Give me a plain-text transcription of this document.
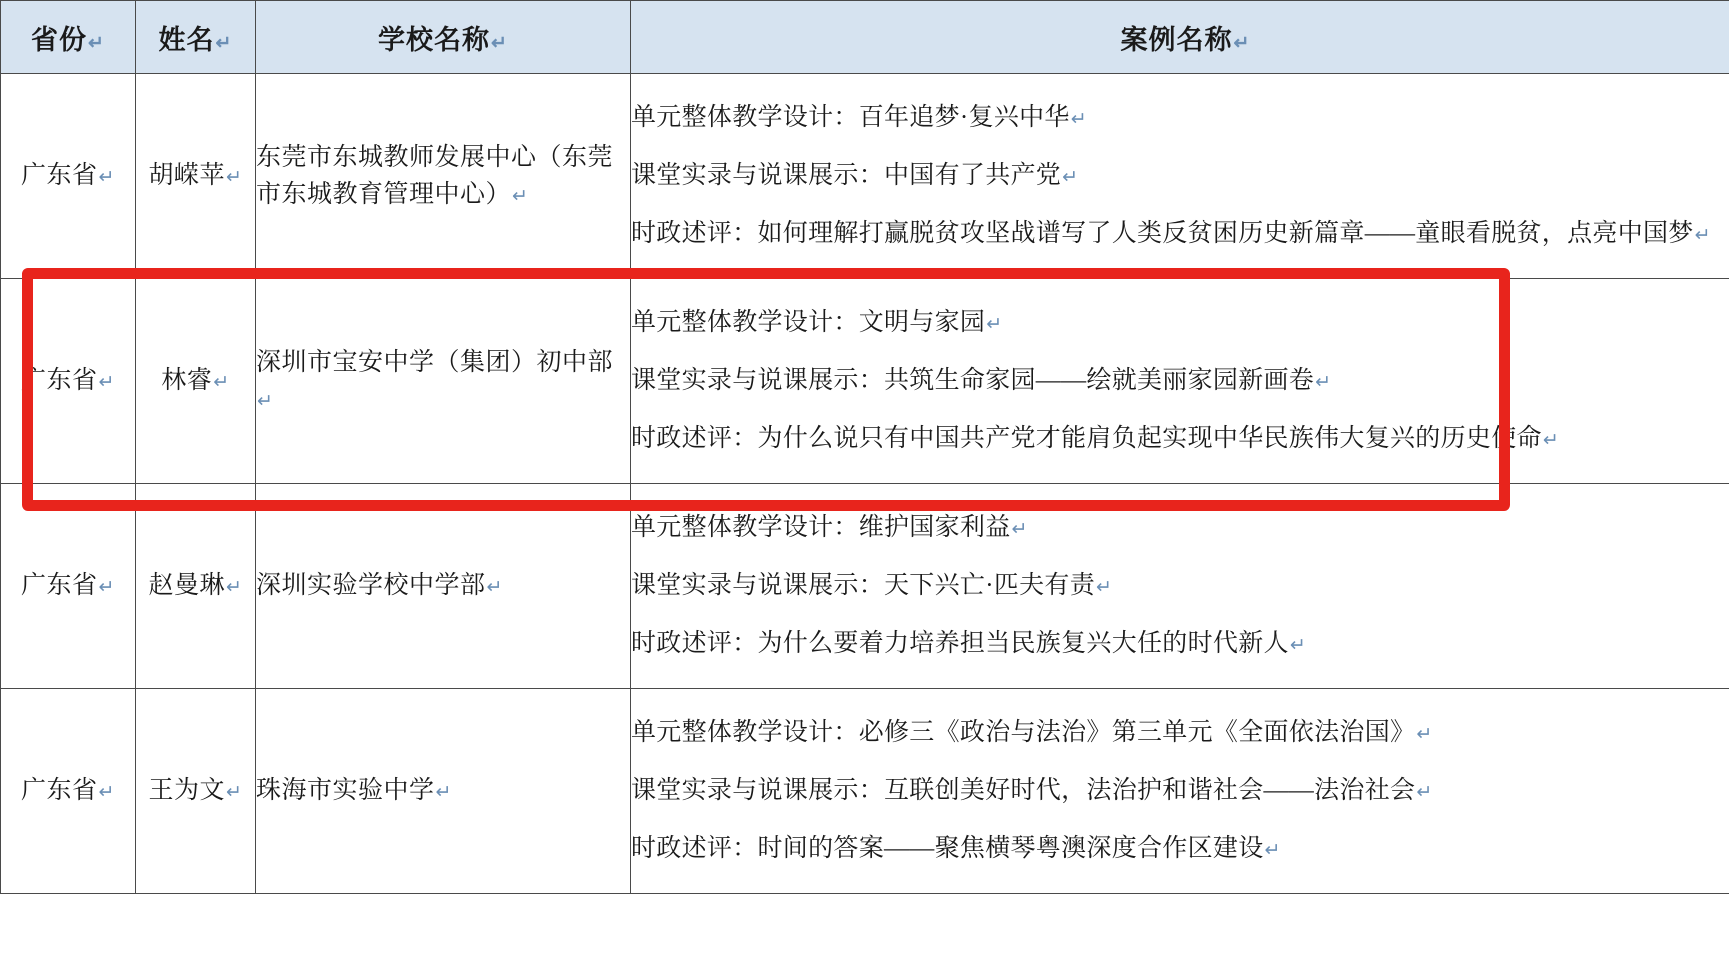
省份↵	姓名↵	学校名称↵	案例名称↵
广东省↵	胡嵘苹↵	东莞市东城教师发展中心（东莞市东城教育管理中心）↵	单元整体教学设计：百年追梦·复兴中华↵
课堂实录与说课展示：中国有了共产党↵
时政述评：如何理解打赢脱贫攻坚战谱写了人类反贫困历史新篇章——童眼看脱贫，点亮中国梦↵

广东省↵	林睿↵	深圳市宝安中学（集团）初中部↵	单元整体教学设计：文明与家园↵
课堂实录与说课展示：共筑生命家园——绘就美丽家园新画卷↵
时政述评：为什么说只有中国共产党才能肩负起实现中华民族伟大复兴的历史使命↵

广东省↵	赵曼琳↵	深圳实验学校中学部↵	单元整体教学设计：维护国家利益↵
课堂实录与说课展示：天下兴亡·匹夫有责↵
时政述评：为什么要着力培养担当民族复兴大任的时代新人↵

广东省↵	王为文↵	珠海市实验中学↵	单元整体教学设计：必修三《政治与法治》第三单元《全面依法治国》↵
课堂实录与说课展示：互联创美好时代，法治护和谐社会——法治社会↵
时政述评：时间的答案——聚焦横琴粤澳深度合作区建设↵
